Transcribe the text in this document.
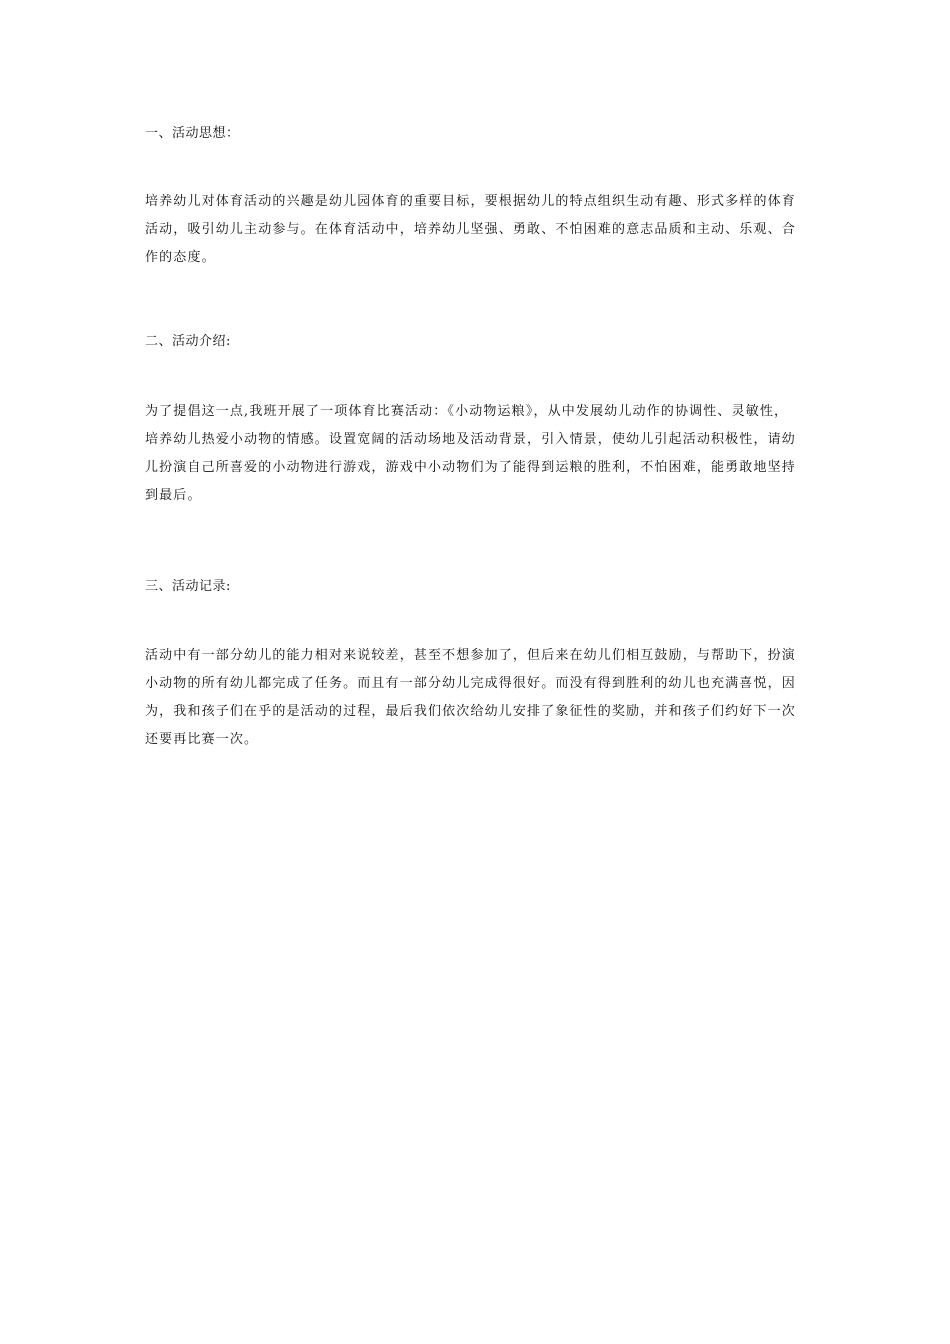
一、活动思想：

培养幼儿对体育活动的兴趣是幼儿园体育的重要目标，要根据幼儿的特点组织生动有趣、形式多样的体育
活动，吸引幼儿主动参与。在体育活动中，培养幼儿坚强、勇敢、不怕困难的意志品质和主动、乐观、合
作的态度。

二、活动介绍:

为了提倡这一点,我班开展了一项体育比赛活动：《小动物运粮》，从中发展幼儿动作的协调性、灵敏性，
培养幼儿热爱小动物的情感。设置宽阔的活动场地及活动背景，引入情景，使幼儿引起活动积极性，请幼
儿扮演自己所喜爱的小动物进行游戏，游戏中小动物们为了能得到运粮的胜利，不怕困难，能勇敢地坚持
到最后。

三、活动记录:

活动中有一部分幼儿的能力相对来说较差，甚至不想参加了，但后来在幼儿们相互鼓励，与帮助下，扮演
小动物的所有幼儿都完成了任务。而且有一部分幼儿完成得很好。而没有得到胜利的幼儿也充满喜悦，因
为，我和孩子们在乎的是活动的过程，最后我们依次给幼儿安排了象征性的奖励，并和孩子们约好下一次
还要再比赛一次。
